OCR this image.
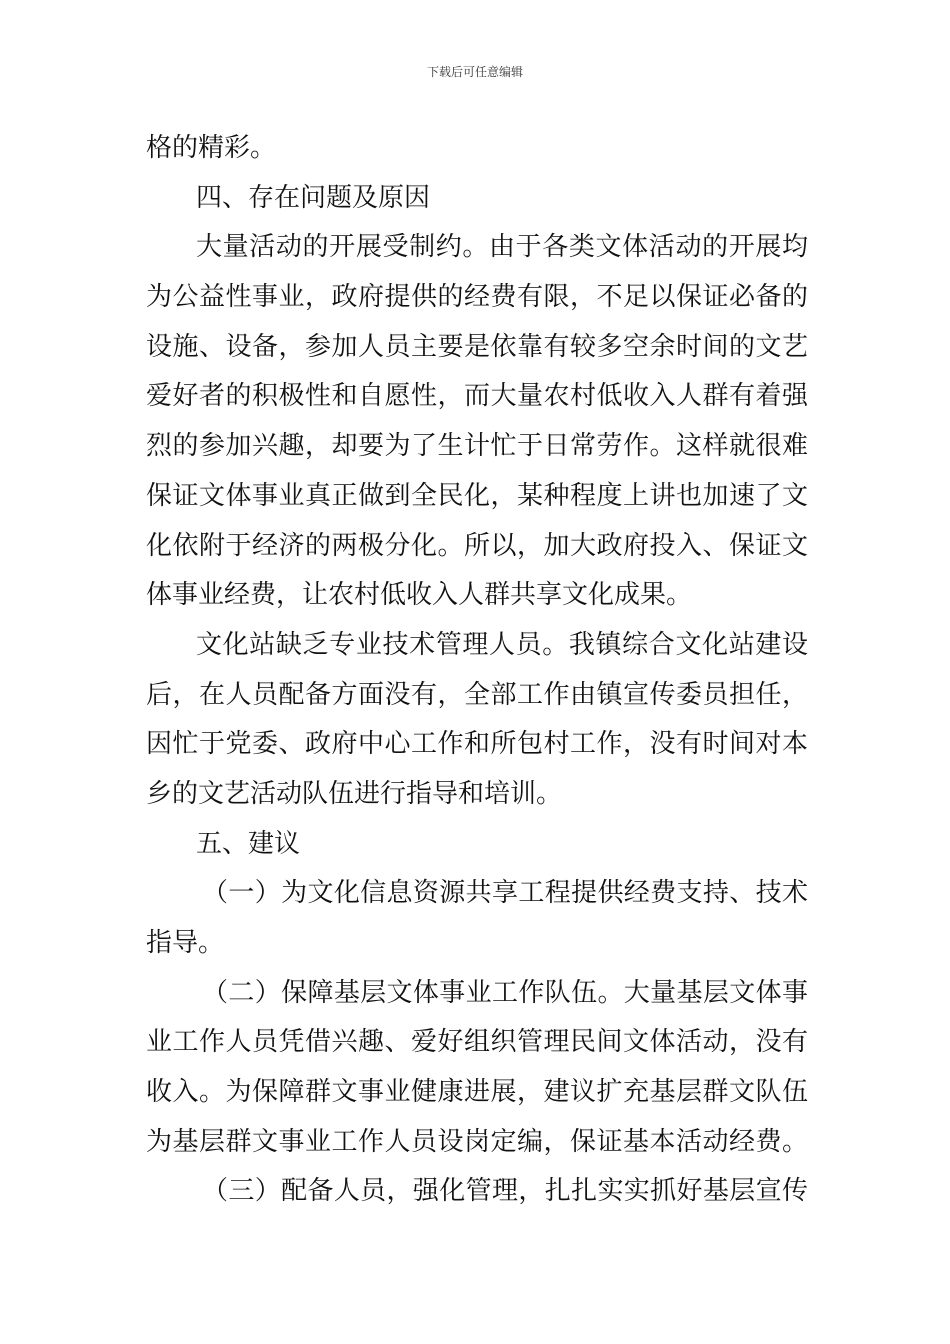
下载后可任意编辑
格的精彩。
四、存在问题及原因
大量活动的开展受制约。由于各类文体活动的开展均
为公益性事业，政府提供的经费有限，不足以保证必备的
设施、设备，参加人员主要是依靠有较多空余时间的文艺
爱好者的积极性和自愿性，而大量农村低收入人群有着强
烈的参加兴趣，却要为了生计忙于日常劳作。这样就很难
保证文体事业真正做到全民化，某种程度上讲也加速了文
化依附于经济的两极分化。所以，加大政府投入、保证文
体事业经费，让农村低收入人群共享文化成果。
文化站缺乏专业技术管理人员。我镇综合文化站建设
后，在人员配备方面没有，全部工作由镇宣传委员担任，
因忙于党委、政府中心工作和所包村工作，没有时间对本
乡的文艺活动队伍进行指导和培训。
五、建议
（一）为文化信息资源共享工程提供经费支持、技术
指导。
（二）保障基层文体事业工作队伍。大量基层文体事
业工作人员凭借兴趣、爱好组织管理民间文体活动，没有
收入。为保障群文事业健康进展，建议扩充基层群文队伍
为基层群文事业工作人员设岗定编，保证基本活动经费。
（三）配备人员，强化管理，扎扎实实抓好基层宣传
